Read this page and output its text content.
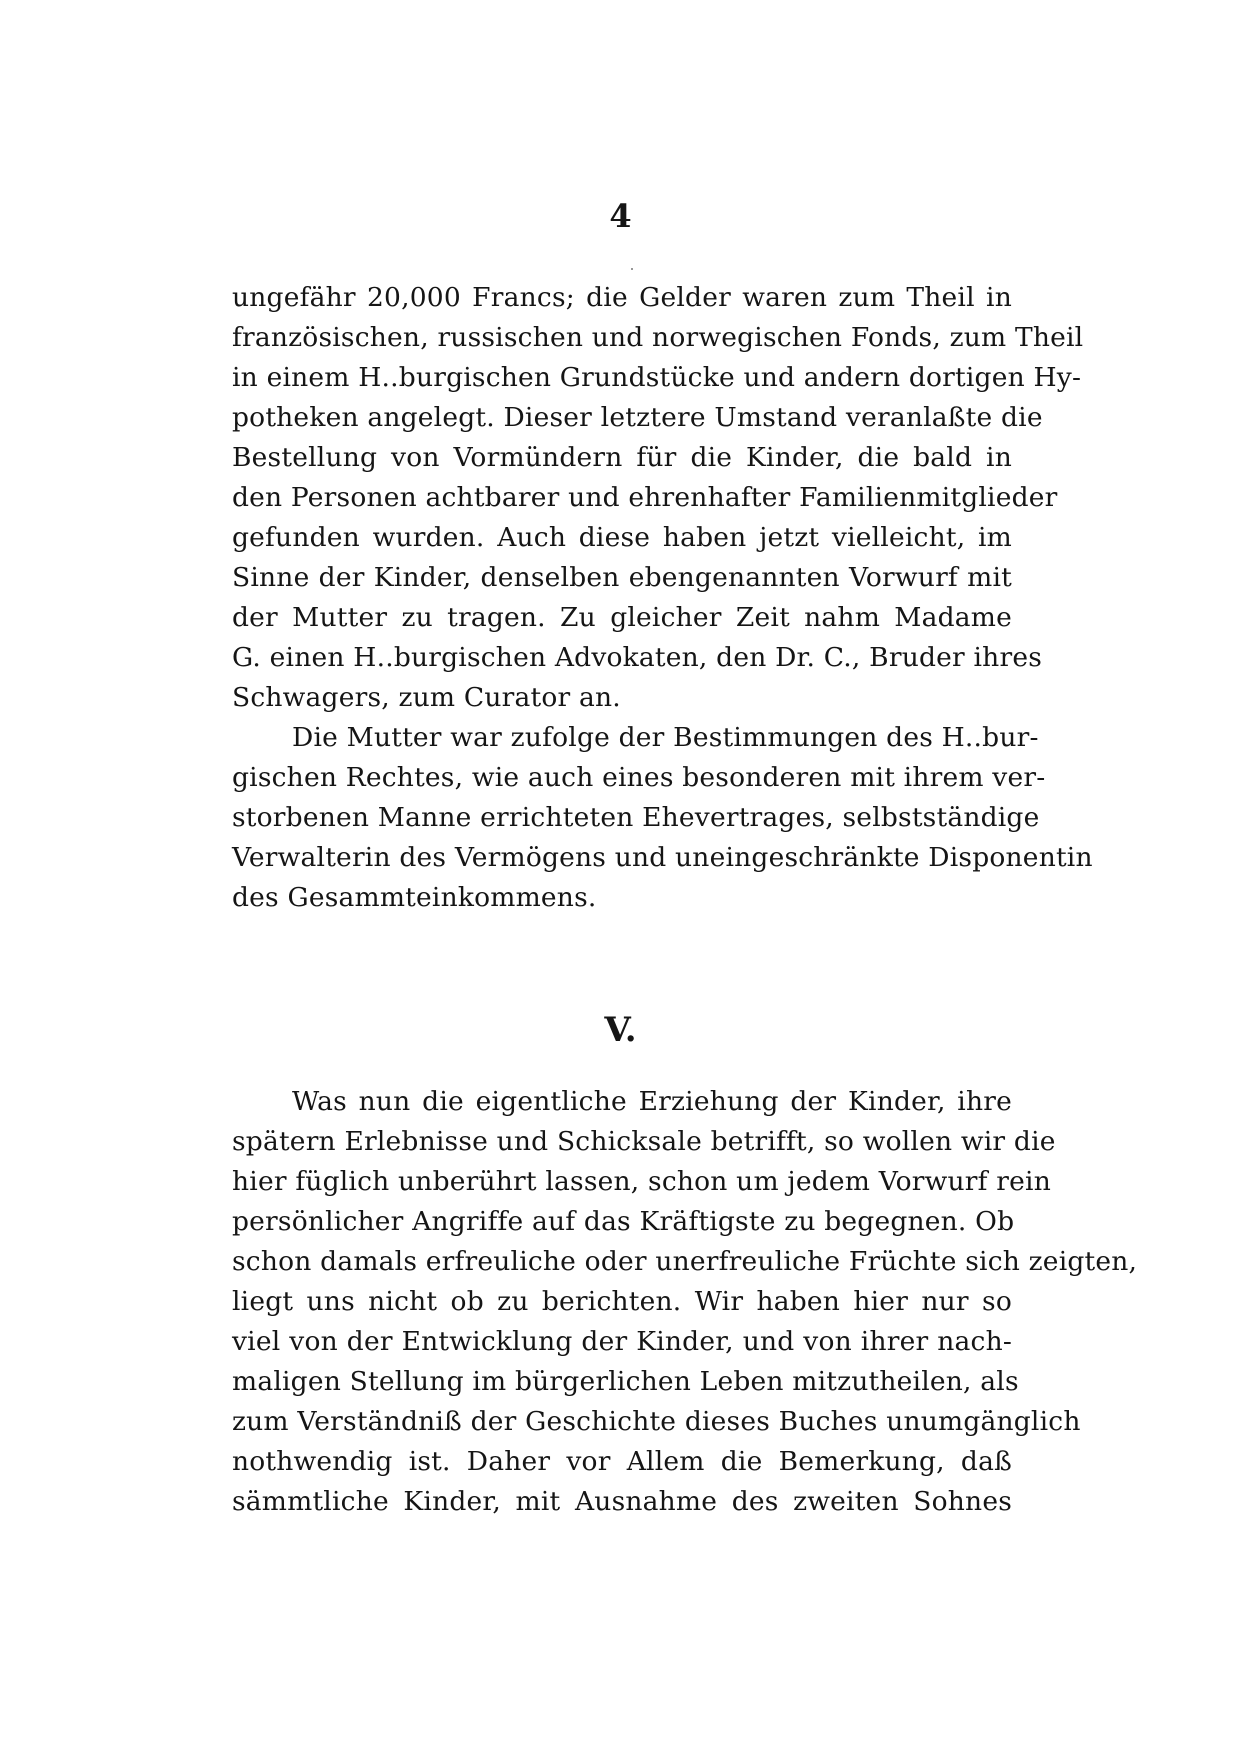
4
ungefähr 20,000 Francs; die Gelder waren zum Theil in
französischen, russischen und norwegischen Fonds, zum Theil
in einem H..burgischen Grundstücke und andern dortigen Hy-
potheken angelegt. Dieser letztere Umstand veranlaßte die
Bestellung von Vormündern für die Kinder, die bald in
den Personen achtbarer und ehrenhafter Familienmitglieder
gefunden wurden. Auch diese haben jetzt vielleicht, im
Sinne der Kinder, denselben ebengenannten Vorwurf mit
der Mutter zu tragen. Zu gleicher Zeit nahm Madame
G. einen H..burgischen Advokaten, den Dr. C., Bruder ihres
Schwagers, zum Curator an.
Die Mutter war zufolge der Bestimmungen des H..bur-
gischen Rechtes, wie auch eines besonderen mit ihrem ver-
storbenen Manne errichteten Ehevertrages, selbstständige
Verwalterin des Vermögens und uneingeschränkte Disponentin
des Gesammteinkommens.
V.
Was nun die eigentliche Erziehung der Kinder, ihre
spätern Erlebnisse und Schicksale betrifft, so wollen wir die
hier füglich unberührt lassen, schon um jedem Vorwurf rein
persönlicher Angriffe auf das Kräftigste zu begegnen. Ob
schon damals erfreuliche oder unerfreuliche Früchte sich zeigten,
liegt uns nicht ob zu berichten. Wir haben hier nur so
viel von der Entwicklung der Kinder, und von ihrer nach-
maligen Stellung im bürgerlichen Leben mitzutheilen, als
zum Verständniß der Geschichte dieses Buches unumgänglich
nothwendig ist. Daher vor Allem die Bemerkung, daß
sämmtliche Kinder, mit Ausnahme des zweiten Sohnes
